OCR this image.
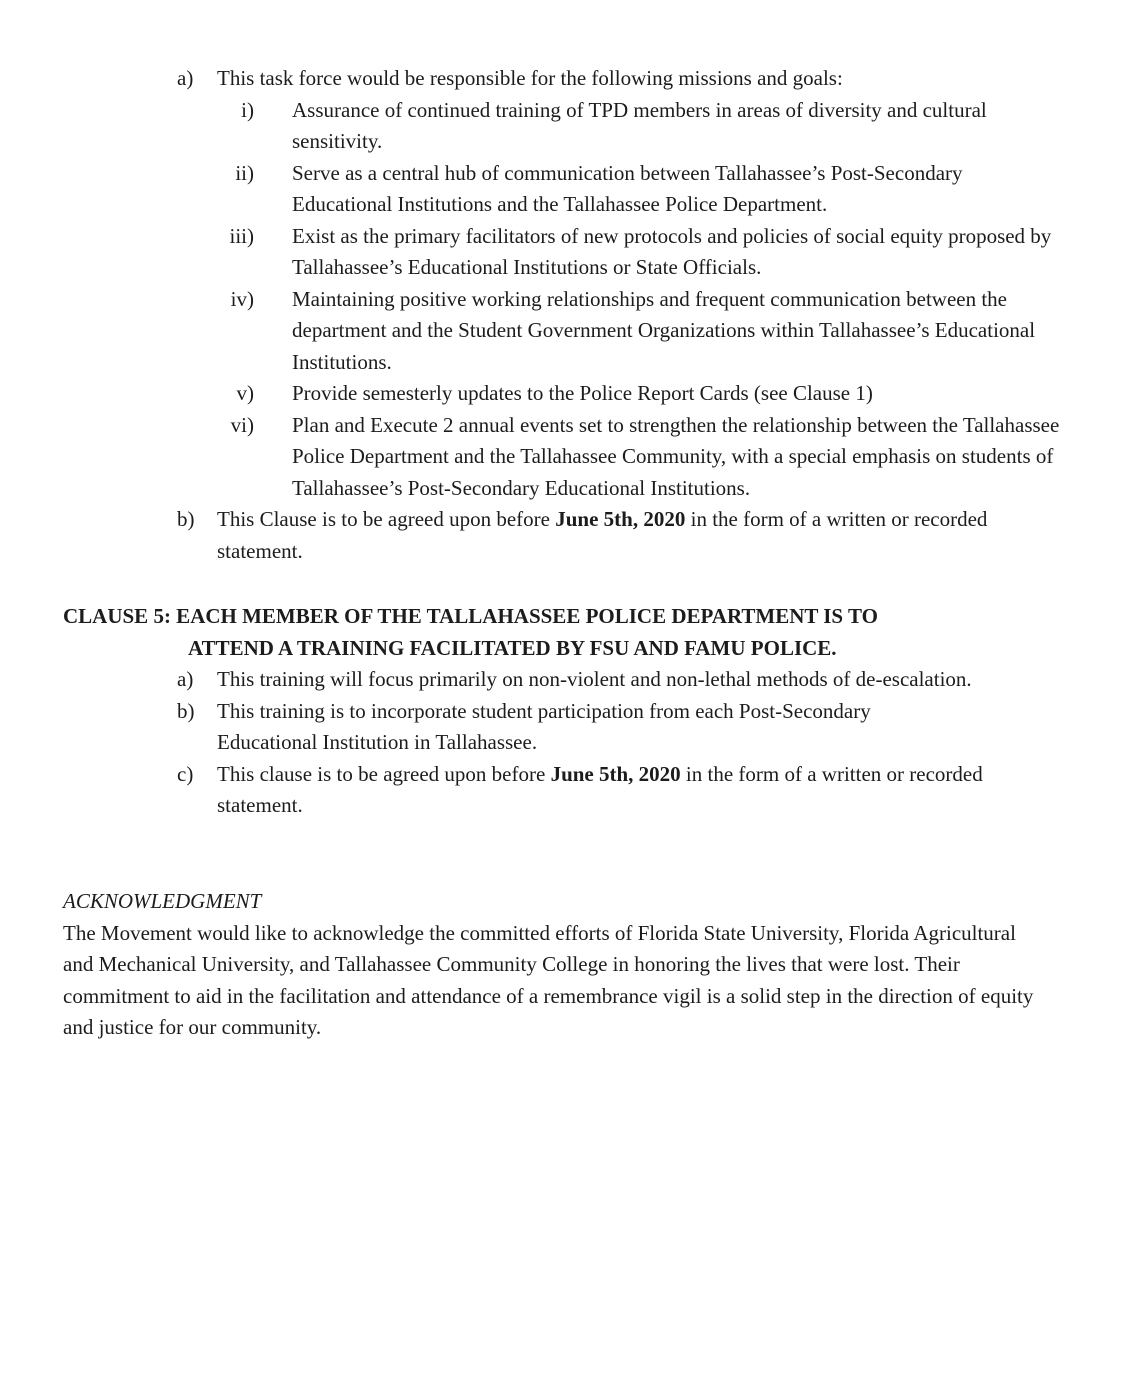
a) This task force would be responsible for the following missions and goals:

i) Assurance of continued training of TPD members in areas of diversity and cultural sensitivity.

ii) Serve as a central hub of communication between Tallahassee’s Post-Secondary Educational Institutions and the Tallahassee Police Department.

iii) Exist as the primary facilitators of new protocols and policies of social equity proposed by Tallahassee’s Educational Institutions or State Officials.

iv) Maintaining positive working relationships and frequent communication between the department and the Student Government Organizations within Tallahassee’s Educational Institutions.

v) Provide semesterly updates to the Police Report Cards (see Clause 1)

vi) Plan and Execute 2 annual events set to strengthen the relationship between the Tallahassee Police Department and the Tallahassee Community, with a special emphasis on students of Tallahassee’s Post-Secondary Educational Institutions.

b) This Clause is to be agreed upon before June 5th, 2020 in the form of a written or recorded statement.

CLAUSE 5: EACH MEMBER OF THE TALLAHASSEE POLICE DEPARTMENT IS TO
ATTEND A TRAINING FACILITATED BY FSU AND FAMU POLICE.

a) This training will focus primarily on non-violent and non-lethal methods of de-escalation.

b) This training is to incorporate student participation from each Post-Secondary Educational Institution in Tallahassee.

c) This clause is to be agreed upon before June 5th, 2020 in the form of a written or recorded statement.

ACKNOWLEDGMENT

The Movement would like to acknowledge the committed efforts of Florida State University, Florida Agricultural and Mechanical University, and Tallahassee Community College in honoring the lives that were lost. Their commitment to aid in the facilitation and attendance of a remembrance vigil is a solid step in the direction of equity and justice for our community.
